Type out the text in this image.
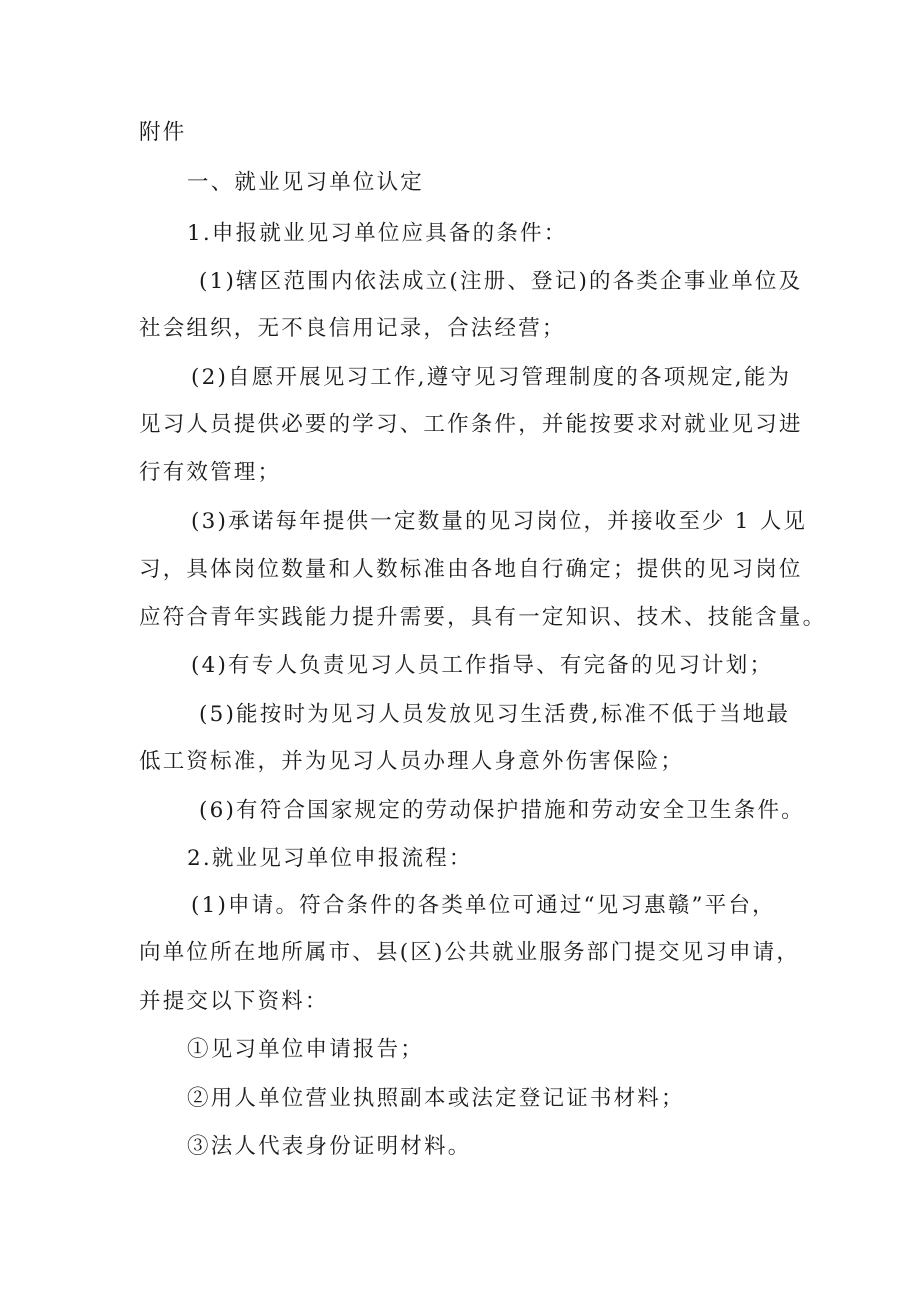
附件
一、就业见习单位认定
1.申报就业见习单位应具备的条件：
(1)辖区范围内依法成立(注册、登记)的各类企事业单位及
社会组织，无不良信用记录，合法经营；
(2)自愿开展见习工作,遵守见习管理制度的各项规定,能为
见习人员提供必要的学习、工作条件，并能按要求对就业见习进
行有效管理；
(3)承诺每年提供一定数量的见习岗位，并接收至少 1 人见
习，具体岗位数量和人数标准由各地自行确定；提供的见习岗位
应符合青年实践能力提升需要，具有一定知识、技术、技能含量。
(4)有专人负责见习人员工作指导、有完备的见习计划；
(5)能按时为见习人员发放见习生活费,标准不低于当地最
低工资标准，并为见习人员办理人身意外伤害保险；
(6)有符合国家规定的劳动保护措施和劳动安全卫生条件。
2.就业见习单位申报流程：
(1)申请。符合条件的各类单位可通过“见习惠赣”平台，
向单位所在地所属市、县(区)公共就业服务部门提交见习申请，
并提交以下资料：
①见习单位申请报告；
②用人单位营业执照副本或法定登记证书材料；
③法人代表身份证明材料。
